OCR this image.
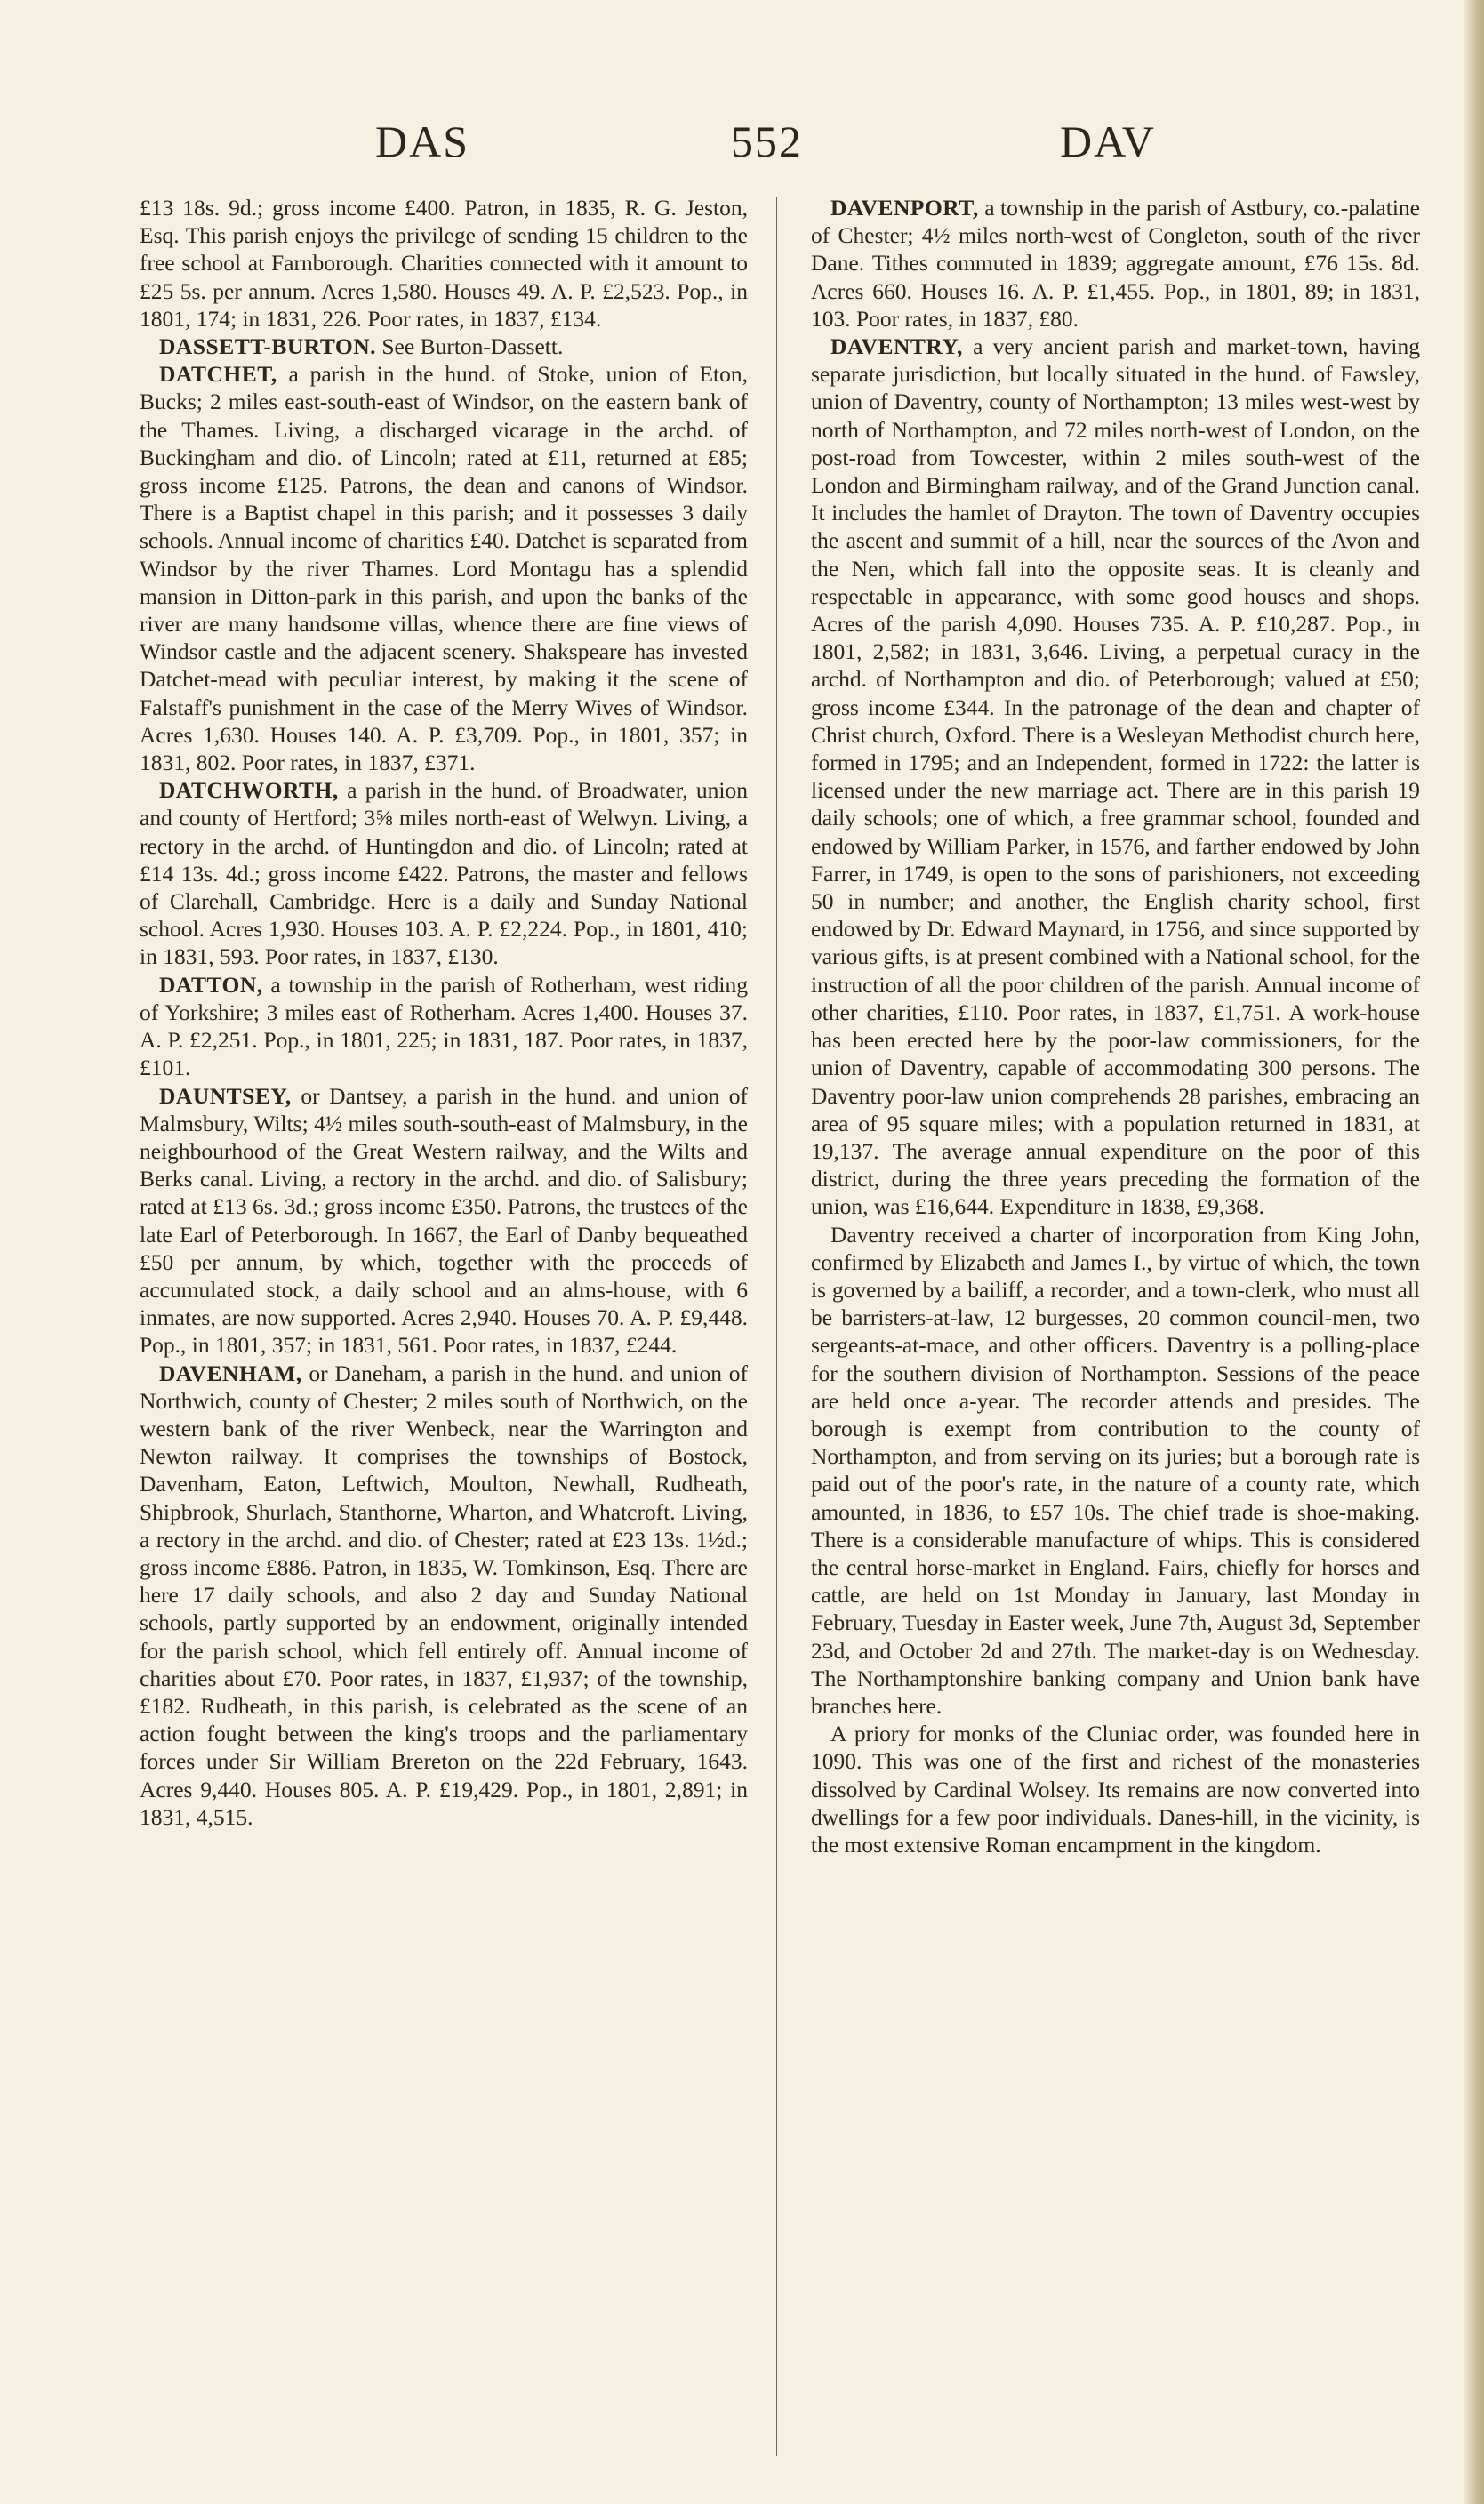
DAS	552	DAV

£13 18s. 9d.; gross income £400. Patron, in 1835, R. G. Jeston, Esq. This parish enjoys the privilege of sending 15 children to the free school at Farnborough. Charities connected with it amount to £25 5s. per annum. Acres 1,580. Houses 49. A. P. £2,523. Pop., in 1801, 174; in 1831, 226. Poor rates, in 1837, £134.

DASSETT-BURTON. See Burton-Dassett.

DATCHET, a parish in the hund. of Stoke, union of Eton, Bucks; 2 miles east-south-east of Windsor, on the eastern bank of the Thames. Living, a discharged vicarage in the archd. of Buckingham and dio. of Lincoln; rated at £11, returned at £85; gross income £125. Patrons, the dean and canons of Windsor. There is a Baptist chapel in this parish; and it possesses 3 daily schools. Annual income of charities £40. Datchet is separated from Windsor by the river Thames. Lord Montagu has a splendid mansion in Ditton-park in this parish, and upon the banks of the river are many handsome villas, whence there are fine views of Windsor castle and the adjacent scenery. Shakspeare has invested Datchet-mead with peculiar interest, by making it the scene of Falstaff's punishment in the case of the Merry Wives of Windsor. Acres 1,630. Houses 140. A. P. £3,709. Pop., in 1801, 357; in 1831, 802. Poor rates, in 1837, £371.

DATCHWORTH, a parish in the hund. of Broadwater, union and county of Hertford; 3⅝ miles north-east of Welwyn. Living, a rectory in the archd. of Huntingdon and dio. of Lincoln; rated at £14 13s. 4d.; gross income £422. Patrons, the master and fellows of Clarehall, Cambridge. Here is a daily and Sunday National school. Acres 1,930. Houses 103. A. P. £2,224. Pop., in 1801, 410; in 1831, 593. Poor rates, in 1837, £130.

DATTON, a township in the parish of Rotherham, west riding of Yorkshire; 3 miles east of Rotherham. Acres 1,400. Houses 37. A. P. £2,251. Pop., in 1801, 225; in 1831, 187. Poor rates, in 1837, £101.

DAUNTSEY, or Dantsey, a parish in the hund. and union of Malmsbury, Wilts; 4½ miles south-south-east of Malmsbury, in the neighbourhood of the Great Western railway, and the Wilts and Berks canal. Living, a rectory in the archd. and dio. of Salisbury; rated at £13 6s. 3d.; gross income £350. Patrons, the trustees of the late Earl of Peterborough. In 1667, the Earl of Danby bequeathed £50 per annum, by which, together with the proceeds of accumulated stock, a daily school and an alms-house, with 6 inmates, are now supported. Acres 2,940. Houses 70. A. P. £9,448. Pop., in 1801, 357; in 1831, 561. Poor rates, in 1837, £244.

DAVENHAM, or Daneham, a parish in the hund. and union of Northwich, county of Chester; 2 miles south of Northwich, on the western bank of the river Wenbeck, near the Warrington and Newton railway. It comprises the townships of Bostock, Davenham, Eaton, Leftwich, Moulton, Newhall, Rudheath, Shipbrook, Shurlach, Stanthorne, Wharton, and Whatcroft. Living, a rectory in the archd. and dio. of Chester; rated at £23 13s. 1½d.; gross income £886. Patron, in 1835, W. Tomkinson, Esq. There are here 17 daily schools, and also 2 day and Sunday National schools, partly supported by an endowment, originally intended for the parish school, which fell entirely off. Annual income of charities about £70. Poor rates, in 1837, £1,937; of the township, £182. Rudheath, in this parish, is celebrated as the scene of an action fought between the king's troops and the parliamentary forces under Sir William Brereton on the 22d February, 1643. Acres 9,440. Houses 805. A. P. £19,429. Pop., in 1801, 2,891; in 1831, 4,515.

DAVENPORT, a township in the parish of Astbury, co.-palatine of Chester; 4½ miles north-west of Congleton, south of the river Dane. Tithes commuted in 1839; aggregate amount, £76 15s. 8d. Acres 660. Houses 16. A. P. £1,455. Pop., in 1801, 89; in 1831, 103. Poor rates, in 1837, £80.

DAVENTRY, a very ancient parish and market-town, having separate jurisdiction, but locally situated in the hund. of Fawsley, union of Daventry, county of Northampton; 13 miles west-west by north of Northampton, and 72 miles north-west of London, on the post-road from Towcester, within 2 miles south-west of the London and Birmingham railway, and of the Grand Junction canal. It includes the hamlet of Drayton. The town of Daventry occupies the ascent and summit of a hill, near the sources of the Avon and the Nen, which fall into the opposite seas. It is cleanly and respectable in appearance, with some good houses and shops. Acres of the parish 4,090. Houses 735. A. P. £10,287. Pop., in 1801, 2,582; in 1831, 3,646. Living, a perpetual curacy in the archd. of Northampton and dio. of Peterborough; valued at £50; gross income £344. In the patronage of the dean and chapter of Christ church, Oxford. There is a Wesleyan Methodist church here, formed in 1795; and an Independent, formed in 1722: the latter is licensed under the new marriage act. There are in this parish 19 daily schools; one of which, a free grammar school, founded and endowed by William Parker, in 1576, and farther endowed by John Farrer, in 1749, is open to the sons of parishioners, not exceeding 50 in number; and another, the English charity school, first endowed by Dr. Edward Maynard, in 1756, and since supported by various gifts, is at present combined with a National school, for the instruction of all the poor children of the parish. Annual income of other charities, £110. Poor rates, in 1837, £1,751. A work-house has been erected here by the poor-law commissioners, for the union of Daventry, capable of accommodating 300 persons. The Daventry poor-law union comprehends 28 parishes, embracing an area of 95 square miles; with a population returned in 1831, at 19,137. The average annual expenditure on the poor of this district, during the three years preceding the formation of the union, was £16,644. Expenditure in 1838, £9,368.

Daventry received a charter of incorporation from King John, confirmed by Elizabeth and James I., by virtue of which, the town is governed by a bailiff, a recorder, and a town-clerk, who must all be barristers-at-law, 12 burgesses, 20 common council-men, two sergeants-at-mace, and other officers. Daventry is a polling-place for the southern division of Northampton. Sessions of the peace are held once a-year. The recorder attends and presides. The borough is exempt from contribution to the county of Northampton, and from serving on its juries; but a borough rate is paid out of the poor's rate, in the nature of a county rate, which amounted, in 1836, to £57 10s. The chief trade is shoe-making. There is a considerable manufacture of whips. This is considered the central horse-market in England. Fairs, chiefly for horses and cattle, are held on 1st Monday in January, last Monday in February, Tuesday in Easter week, June 7th, August 3d, September 23d, and October 2d and 27th. The market-day is on Wednesday. The Northamptonshire banking company and Union bank have branches here.

A priory for monks of the Cluniac order, was founded here in 1090. This was one of the first and richest of the monasteries dissolved by Cardinal Wolsey. Its remains are now converted into dwellings for a few poor individuals. Danes-hill, in the vicinity, is the most extensive Roman encampment in the kingdom.
